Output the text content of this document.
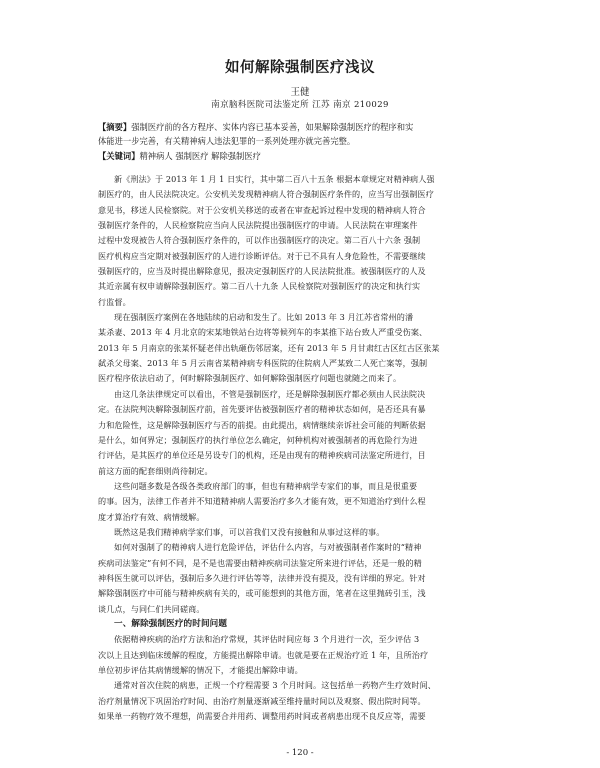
如何解除强制医疗浅议
王健
南京脑科医院司法鉴定所 江苏 南京 210029
【摘要】强制医疗前的各方程序、实体内容已基本妥善，如果解除强制医疗的程序和实
体能进一步完善，有关精神病人违法犯罪的一系列处理亦就完善完整。
【关键词】精神病人 强制医疗 解除强制医疗
新《刑法》于 2013 年 1 月 1 日实行，其中第二百八十五条 根据本章规定对精神病人强
制医疗的，由人民法院决定。公安机关发现精神病人符合强制医疗条件的，应当写出强制医疗
意见书，移送人民检察院。对于公安机关移送的或者在审查起诉过程中发现的精神病人符合
强制医疗条件的，人民检察院应当向人民法院提出强制医疗的申请。人民法院在审理案件
过程中发现被告人符合强制医疗条件的，可以作出强制医疗的决定。第二百八十六条 强制
医疗机构应当定期对被强制医疗的人进行诊断评估。对于已不具有人身危险性，不需要继续
强制医疗的，应当及时提出解除意见，报决定强制医疗的人民法院批准。被强制医疗的人及
其近亲属有权申请解除强制医疗。第二百八十九条 人民检察院对强制医疗的决定和执行实
行监督。
现在强制医疗案例在各地陆续的启动和发生了。比如 2013 年 3 月江苏省常州的潘
某杀妻、2013 年 4 月北京的宋某地铁站台边将等候列车的李某推下站台致人严重受伤案、
2013 年 5 月南京的张某怀疑老伴出轨砸伤邻居案，还有 2013 年 5 月甘肃红古区红古区张某
弑杀父母案、2013 年 5 月云南省某精神病专科医院的住院病人严某致二人死亡案等，强制
医疗程序依法启动了，何时解除强制医疗、如何解除强制医疗问题也就随之而来了。
由这几条法律规定可以看出，不管是强制医疗，还是解除强制医疗都必须由人民法院决
定。在法院判决解除强制医疗前，首先要评估被强制医疗者的精神状态如何，是否还具有暴
力和危险性，这是解除强制医疗与否的前提。由此提出，病情继续亲诉社会可能的判断依据
是什么，如何界定；强制医疗的执行单位怎么确定，何种机构对被强制者的再危险行为进
行评估，是其医疗的单位还是另设专门的机构，还是由现有的精神疾病司法鉴定所进行，目
前这方面的配套细则尚待制定。
这些问题多数是各级各类政府部门的事，但也有精神病学专家们的事，而且是很重要
的事。因为，法律工作者并不知道精神病人需要治疗多久才能有效，更不知道治疗到什么程
度才算治疗有效、病情缓解。
既然这是我们精神病学家们事，可以首我们又没有接触和从事过这样的事。
如何对强制了的精神病人进行危险评估，评估什么内容，与对被强制者作案时的“精神
疾病司法鉴定”有何不同，是不是也需要由精神疾病司法鉴定所来进行评估，还是一般的精
神科医生就可以评估，强制后多久进行评估等等，法律并没有提及，没有详细的界定。针对
解除强制医疗中可能与精神疾病有关的，或可能想到的其他方面，笔者在这里抛砖引玉，浅
谈几点，与同仁们共同磋商。
一、解除强制医疗的时间问题
依据精神疾病的治疗方法和治疗常规，其评估时间应每 3 个月进行一次，至少评估 3
次以上且达到临床缓解的程度，方能提出解除申请。也就是要在正规治疗近 1 年，且所治疗
单位初步评估其病情缓解的情况下，才能提出解除申请。
通常对首次住院的病患，正规一个疗程需要 3 个月时间。这包括单一药物产生疗效时间、
治疗剂量情况下巩固治疗时间、由治疗剂量逐渐减至维持量时间以及观察、假出院时间等。
如果单一药物疗效不理想，尚需要合并用药、调整用药时间或者病患出现不良反应等，需要
- 120 -
